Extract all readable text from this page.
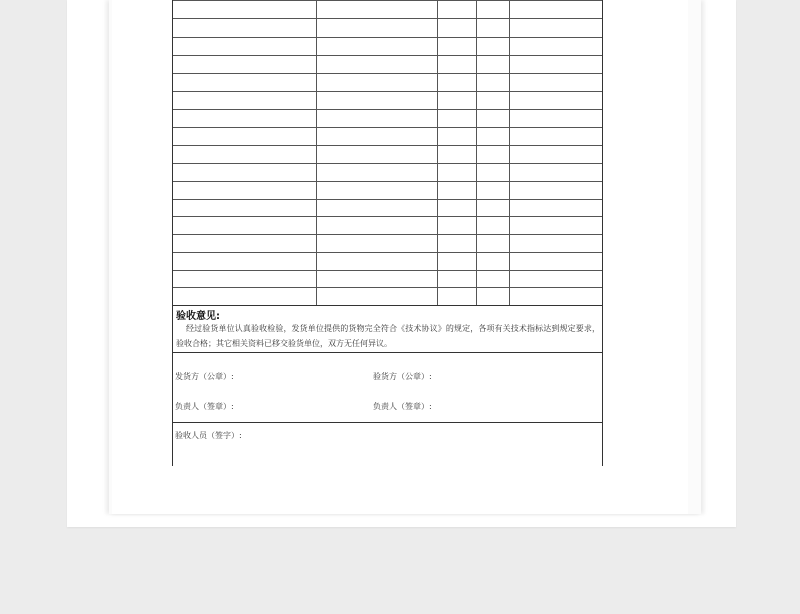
验收意见:
经过验货单位认真验收检验，发货单位提供的货物完全符合《技术协议》的规定，各项有关技术指标达到规定要求，验收合格；其它相关资料已移交验货单位，双方无任何异议。
发货方（公章）:	验货方（公章）:
负责人（签章）:	负责人（签章）:
验收人员（签字）:
